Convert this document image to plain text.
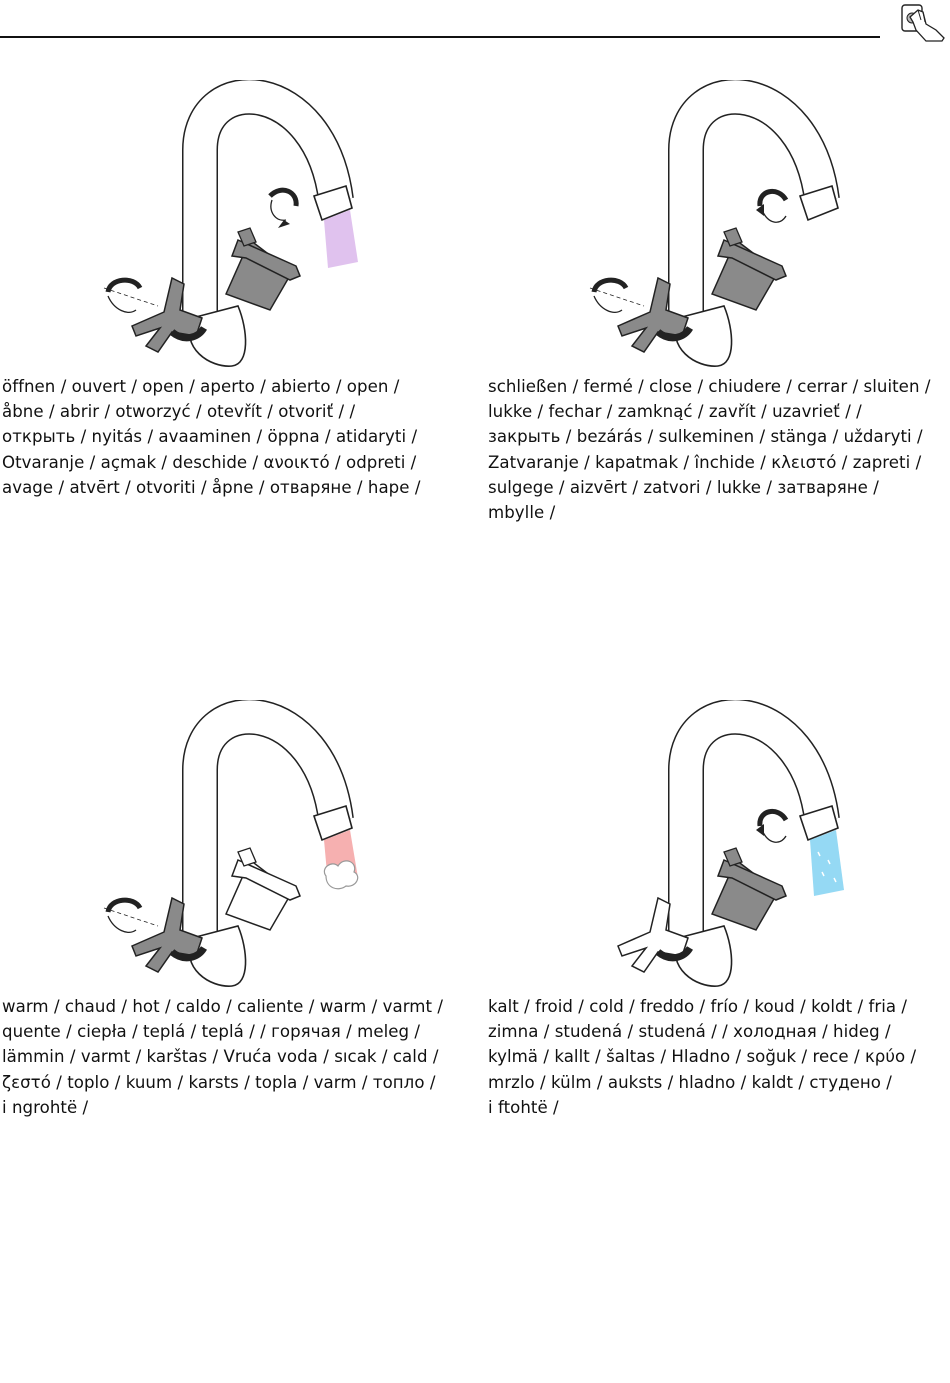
öffnen / ouvert / open / aperto / abierto / open /
åbne / abrir / otworzyć / otevřít / otvoriť / /
открыть / nyitás / avaaminen / öppna / atidaryti /
Otvaranje / açmak / deschide / ανοικτό / odpreti /
avage / atvērt / otvoriti / åpne / отваряне / hape /

schließen / fermé / close / chiudere / cerrar / sluiten /
lukke / fechar / zamknąć / zavřít / uzavrieť / /
закрыть / bezárás / sulkeminen / stänga / uždaryti /
Zatvaranje / kapatmak / închide / κλειστό / zapreti /
sulgege / aizvērt / zatvori / lukke / затваряне /
mbylle /

warm / chaud / hot / caldo / caliente / warm / varmt /
quente / ciepła / teplá / teplá / / горячая / meleg /
lämmin / varmt / karštas / Vruća voda / sıcak / cald /
ζεστό / toplo / kuum / karsts / topla / varm / топло /
i ngrohtë /

kalt / froid / cold / freddo / frío / koud / koldt / fria /
zimna / studená / studená / / холодная / hideg /
kylmä / kallt / šaltas / Hladno / soğuk / rece / κρύο /
mrzlo / külm / auksts / hladno / kaldt / студено /
i ftohtë /
